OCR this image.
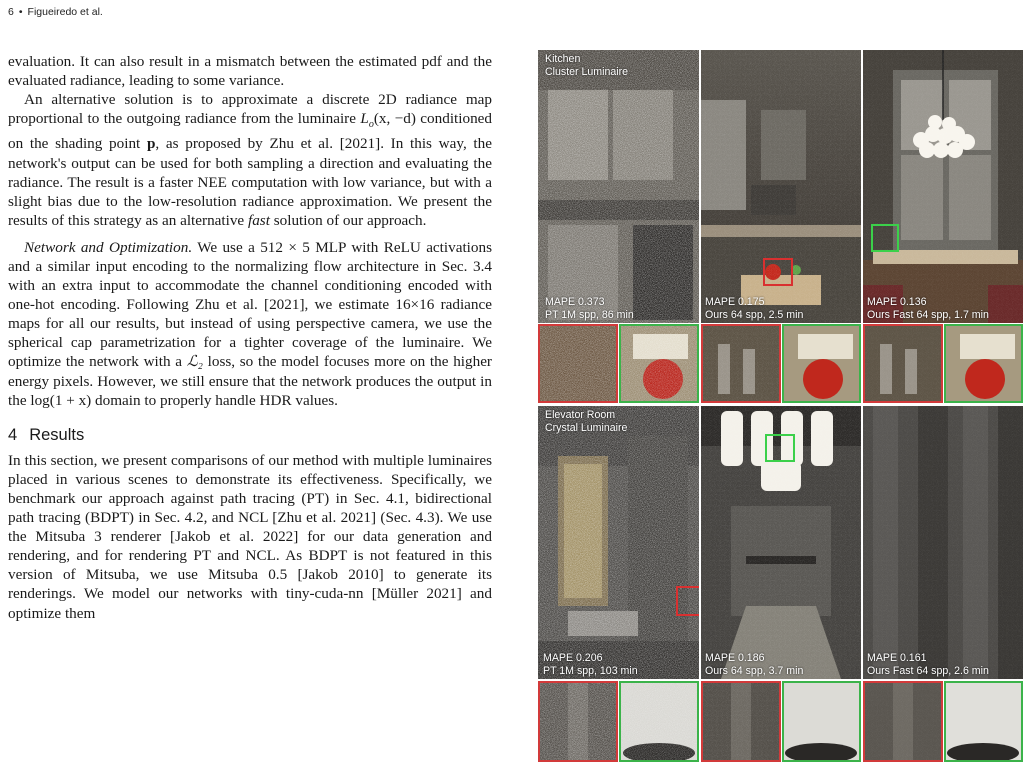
6 • Figueiredo et al.

evaluation. It can also result in a mismatch between the estimated pdf and the evaluated radiance, leading to some variance.

An alternative solution is to approximate a discrete 2D radiance map proportional to the outgoing radiance from the luminaire $L_o(x$, −d) conditioned on the shading point p, as proposed by Zhu et al. [2021]. In this way, the network's output can be used for both sampling a direction and evaluating the radiance. The result is a faster NEE computation with low variance, but with a slight bias due to the low-resolution radiance approximation. We present the results of this strategy as an alternative fast solution of our approach.

Network and Optimization. We use a 512 × 5 MLP with ReLU activations and a similar input encoding to the normalizing flow architecture in Sec. 3.4 with an extra input to accommodate the channel conditioning encoded with one-hot encoding. Following Zhu et al. [2021], we estimate 16×16 radiance maps for all our results, but instead of using perspective camera, we use the spherical cap parametrization for a tighter coverage of the luminaire. We optimize the network with a ℒ₂ loss, so the model focuses more on the higher energy pixels. However, we still ensure that the network produces the output in the log(1 + x) domain to properly handle HDR values.

4 Results

In this section, we present comparisons of our method with multiple luminaires placed in various scenes to demonstrate its effectiveness. Specifically, we benchmark our approach against path tracing (PT) in Sec. 4.1, bidirectional path tracing (BDPT) in Sec. 4.2, and NCL [Zhu et al. 2021] (Sec. 4.3). We use the Mitsuba 3 renderer [Jakob et al. 2022] for our data generation and rendering, and for rendering PT and NCL. As BDPT is not featured in this version of Mitsuba, we use Mitsuba 0.5 [Jakob 2010] to generate its renderings. We model our networks with tiny-cuda-nn [Müller 2021] and optimize them

Kitchen
Cluster Luminaire
MAPE 0.373
PT 1M spp, 86 min
MAPE 0.175
Ours 64 spp, 2.5 min
MAPE 0.136
Ours Fast 64 spp, 1.7 min
Elevator Room
Crystal Luminaire
MAPE 0.206
PT 1M spp, 103 min
MAPE 0.186
Ours 64 spp, 3.7 min
MAPE 0.161
Ours Fast 64 spp, 2.6 min
